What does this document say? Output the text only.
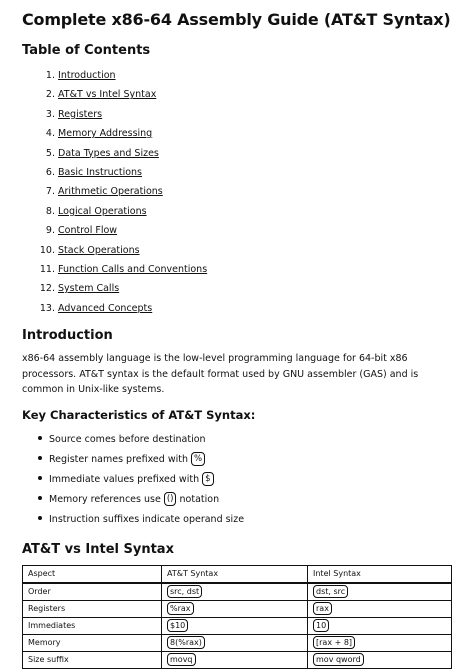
Complete x86-64 Assembly Guide (AT&T Syntax)
Table of Contents
1. Introduction
2. AT&T vs Intel Syntax
3. Registers
4. Memory Addressing
5. Data Types and Sizes
6. Basic Instructions
7. Arithmetic Operations
8. Logical Operations
9. Control Flow
10. Stack Operations
11. Function Calls and Conventions
12. System Calls
13. Advanced Concepts
Introduction

x86-64 assembly language is the low-level programming language for 64-bit x86 processors. AT&T syntax is the default format used by GNU assembler (GAS) and is common in Unix-like systems.

Key Characteristics of AT&T Syntax:
Source comes before destination
Register names prefixed with %
Immediate values prefixed with $
Memory references use () notation
Instruction suffixes indicate operand size
AT&T vs Intel Syntax
Aspect	AT&T Syntax	Intel Syntax
Order	src, dst	dst, src
Registers	%rax	rax
Immediates	$10	10
Memory	8(%rax)	[rax + 8]
Size suffix	movq	mov qword
